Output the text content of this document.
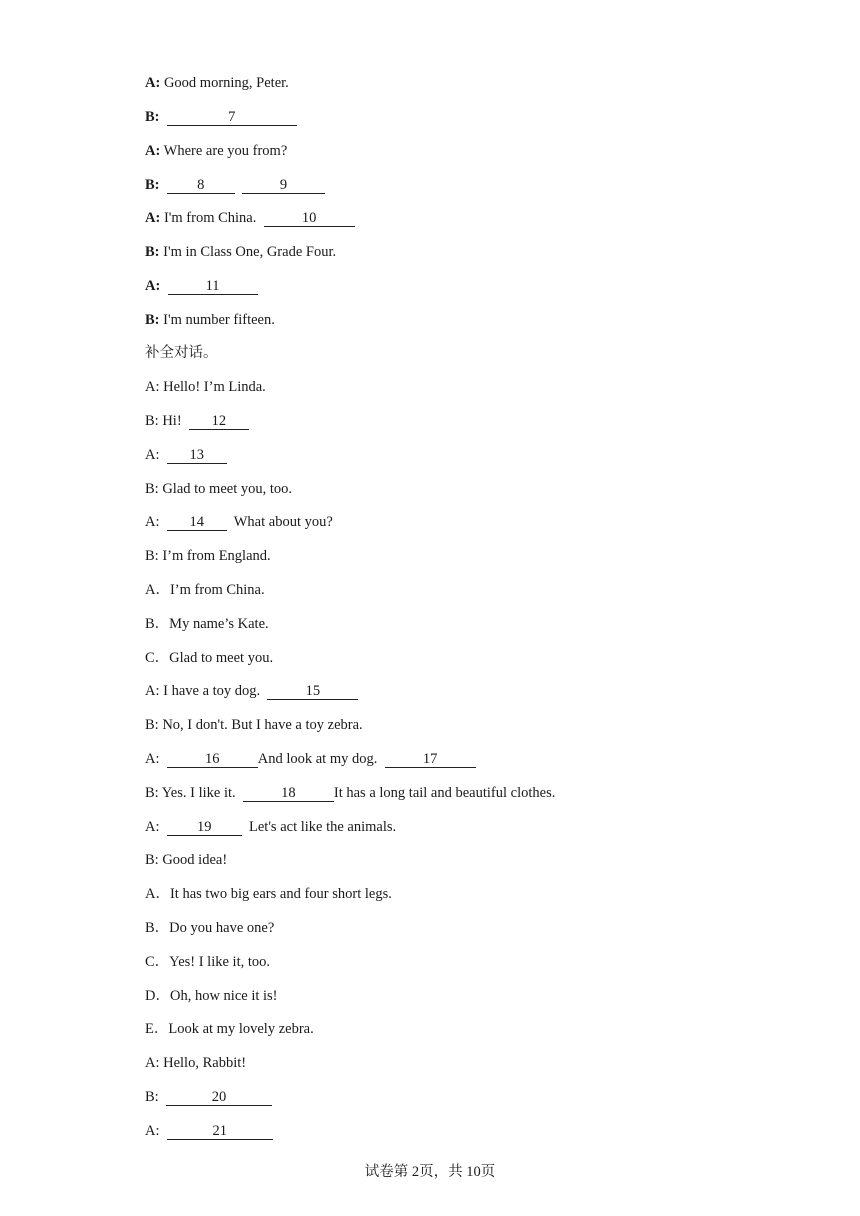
A: Good morning, Peter.
B:	7
A: Where are you from?
B:	8	9
A: I'm from China.	10
B: I'm in Class One, Grade Four.
A:	11
B: I'm number fifteen.
补全对话。
A: Hello! I’m Linda.
B: Hi!  12
A:  13
B: Glad to meet you, too.
A:  14  What about you?
B: I’m from England.
A．I’m from China.
B．My name’s Kate.
C．Glad to meet you.
A: I have a toy dog.	15
B: No, I don't. But I have a toy zebra.
A:	16	And look at my dog.	17
B: Yes. I like it.	18	It has a long tail and beautiful clothes.
A:  19  Let's act like the animals.
B: Good idea!
A．It has two big ears and four short legs.
B．Do you have one?
C．Yes! I like it, too.
D．Oh, how nice it is!
E．Look at my lovely zebra.
A: Hello, Rabbit!
B:	20
A:	21
试卷第 2页，共 10页
